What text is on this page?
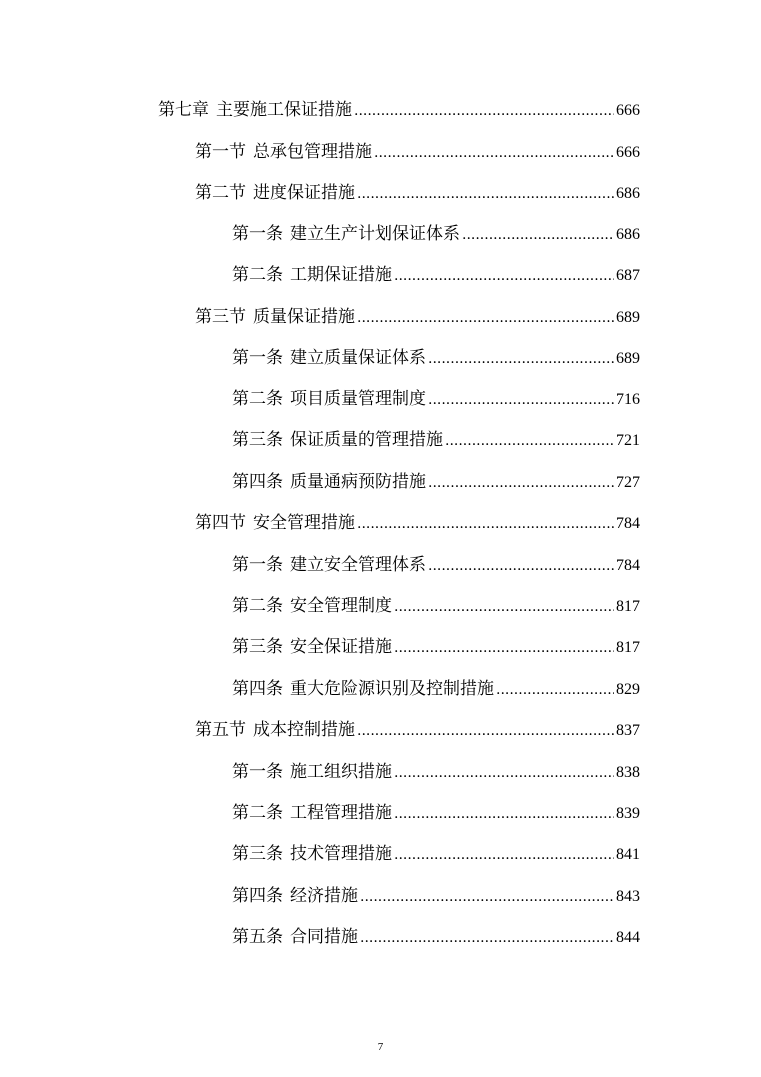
第七章 主要施工保证措施 .....	666
第一节 总承包管理措施 .....	666
第二节 进度保证措施 .....	686
第一条 建立生产计划保证体系 .....	686
第二条 工期保证措施 .....	687
第三节 质量保证措施 .....	689
第一条 建立质量保证体系 .....	689
第二条 项目质量管理制度 .....	716
第三条 保证质量的管理措施 .....	721
第四条 质量通病预防措施 .....	727
第四节 安全管理措施 .....	784
第一条 建立安全管理体系 .....	784
第二条 安全管理制度 .....	817
第三条 安全保证措施 .....	817
第四条 重大危险源识别及控制措施 .....	829
第五节 成本控制措施 .....	837
第一条 施工组织措施 .....	838
第二条 工程管理措施 .....	839
第三条 技术管理措施 .....	841
第四条 经济措施 .....	843
第五条 合同措施 .....	844
7
